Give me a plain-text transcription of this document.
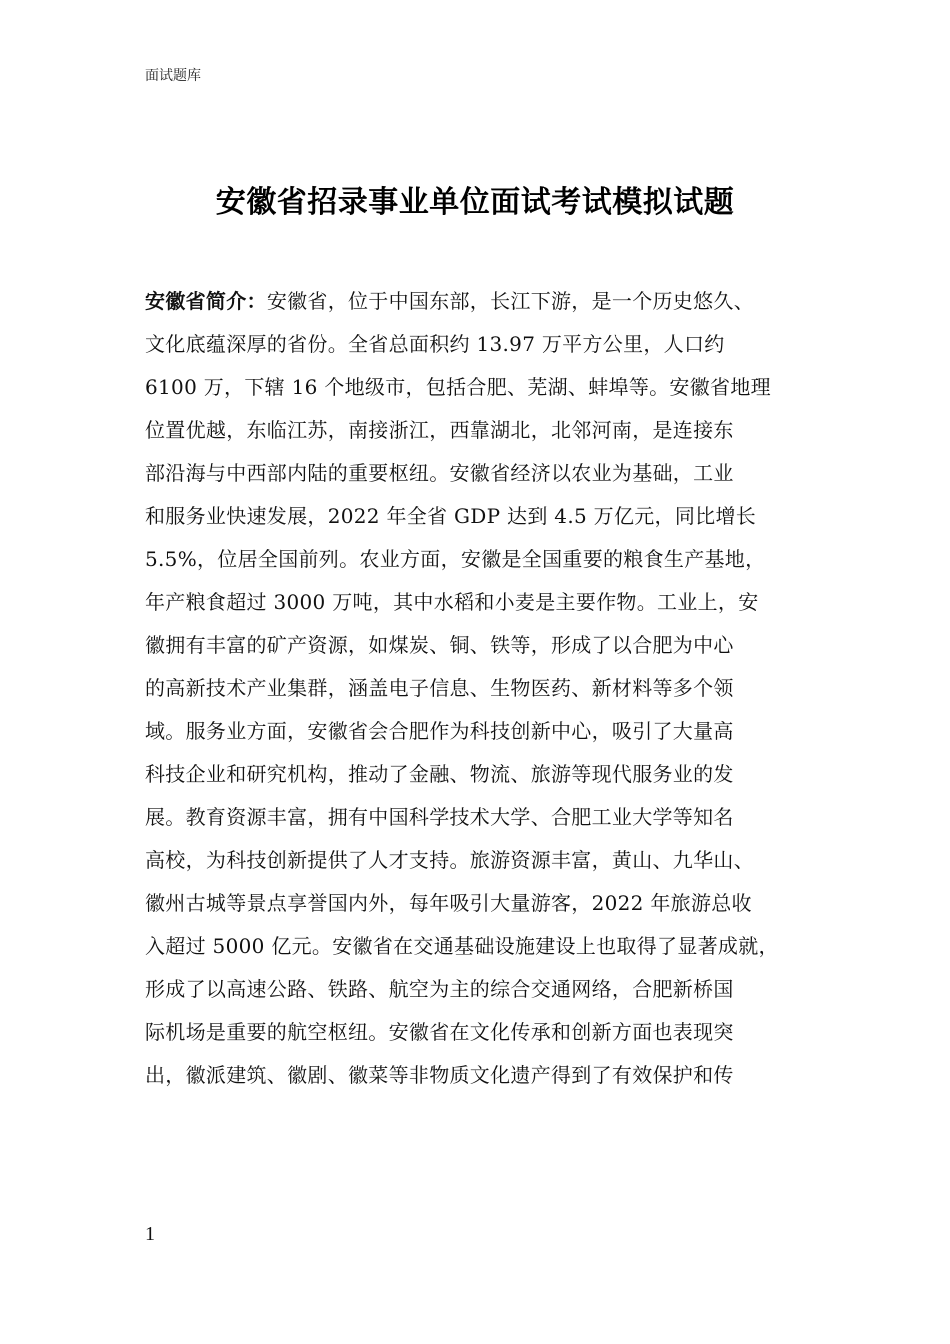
面试题库
安徽省招录事业单位面试考试模拟试题
安徽省简介：安徽省，位于中国东部，长江下游，是一个历史悠久、
文化底蕴深厚的省份。全省总面积约 13.97 万平方公里，人口约
6100 万，下辖 16 个地级市，包括合肥、芜湖、蚌埠等。安徽省地理
位置优越，东临江苏，南接浙江，西靠湖北，北邻河南，是连接东
部沿海与中西部内陆的重要枢纽。安徽省经济以农业为基础，工业
和服务业快速发展，2022 年全省 GDP 达到 4.5 万亿元，同比增长
5.5%，位居全国前列。农业方面，安徽是全国重要的粮食生产基地，
年产粮食超过 3000 万吨，其中水稻和小麦是主要作物。工业上，安
徽拥有丰富的矿产资源，如煤炭、铜、铁等，形成了以合肥为中心
的高新技术产业集群，涵盖电子信息、生物医药、新材料等多个领
域。服务业方面，安徽省会合肥作为科技创新中心，吸引了大量高
科技企业和研究机构，推动了金融、物流、旅游等现代服务业的发
展。教育资源丰富，拥有中国科学技术大学、合肥工业大学等知名
高校，为科技创新提供了人才支持。旅游资源丰富，黄山、九华山、
徽州古城等景点享誉国内外，每年吸引大量游客，2022 年旅游总收
入超过 5000 亿元。安徽省在交通基础设施建设上也取得了显著成就，
形成了以高速公路、铁路、航空为主的综合交通网络，合肥新桥国
际机场是重要的航空枢纽。安徽省在文化传承和创新方面也表现突
出，徽派建筑、徽剧、徽菜等非物质文化遗产得到了有效保护和传
1
